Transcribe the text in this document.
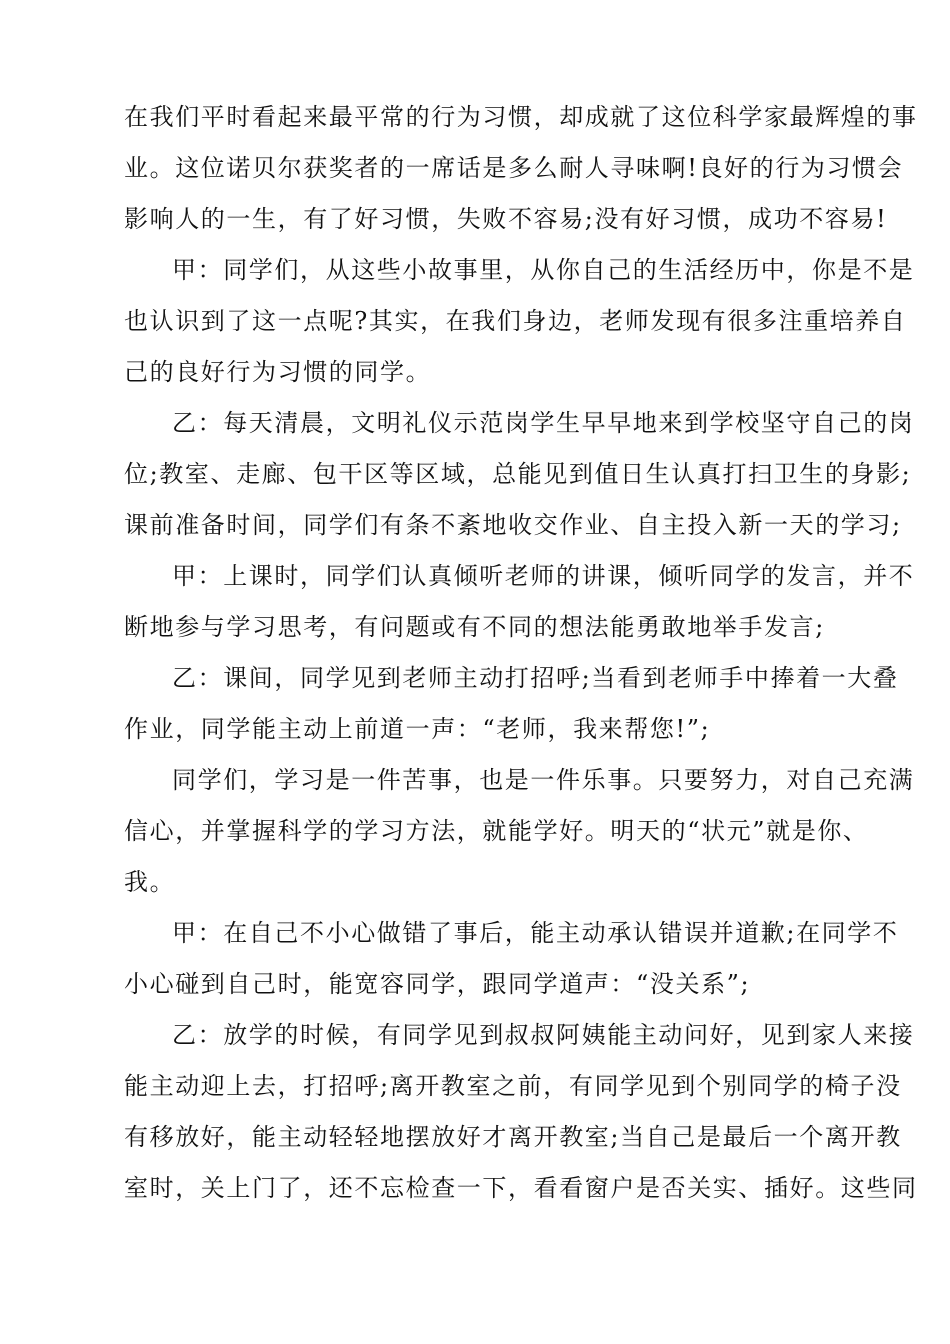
在我们平时看起来最平常的行为习惯，却成就了这位科学家最辉煌的事
业。这位诺贝尔获奖者的一席话是多么耐人寻味啊!良好的行为习惯会
影响人的一生，有了好习惯，失败不容易;没有好习惯，成功不容易!
甲：同学们，从这些小故事里，从你自己的生活经历中，你是不是
也认识到了这一点呢?其实，在我们身边，老师发现有很多注重培养自
己的良好行为习惯的同学。
乙：每天清晨，文明礼仪示范岗学生早早地来到学校坚守自己的岗
位;教室、走廊、包干区等区域，总能见到值日生认真打扫卫生的身影;
课前准备时间，同学们有条不紊地收交作业、自主投入新一天的学习;
甲：上课时，同学们认真倾听老师的讲课，倾听同学的发言，并不
断地参与学习思考，有问题或有不同的想法能勇敢地举手发言;
乙：课间，同学见到老师主动打招呼;当看到老师手中捧着一大叠
作业，同学能主动上前道一声：“老师，我来帮您!”;
同学们，学习是一件苦事，也是一件乐事。只要努力，对自己充满
信心，并掌握科学的学习方法，就能学好。明天的“状元”就是你、
我。
甲：在自己不小心做错了事后，能主动承认错误并道歉;在同学不
小心碰到自己时，能宽容同学，跟同学道声：“没关系”;
乙：放学的时候，有同学见到叔叔阿姨能主动问好，见到家人来接
能主动迎上去，打招呼;离开教室之前，有同学见到个别同学的椅子没
有移放好，能主动轻轻地摆放好才离开教室;当自己是最后一个离开教
室时，关上门了，还不忘检查一下，看看窗户是否关实、插好。这些同
